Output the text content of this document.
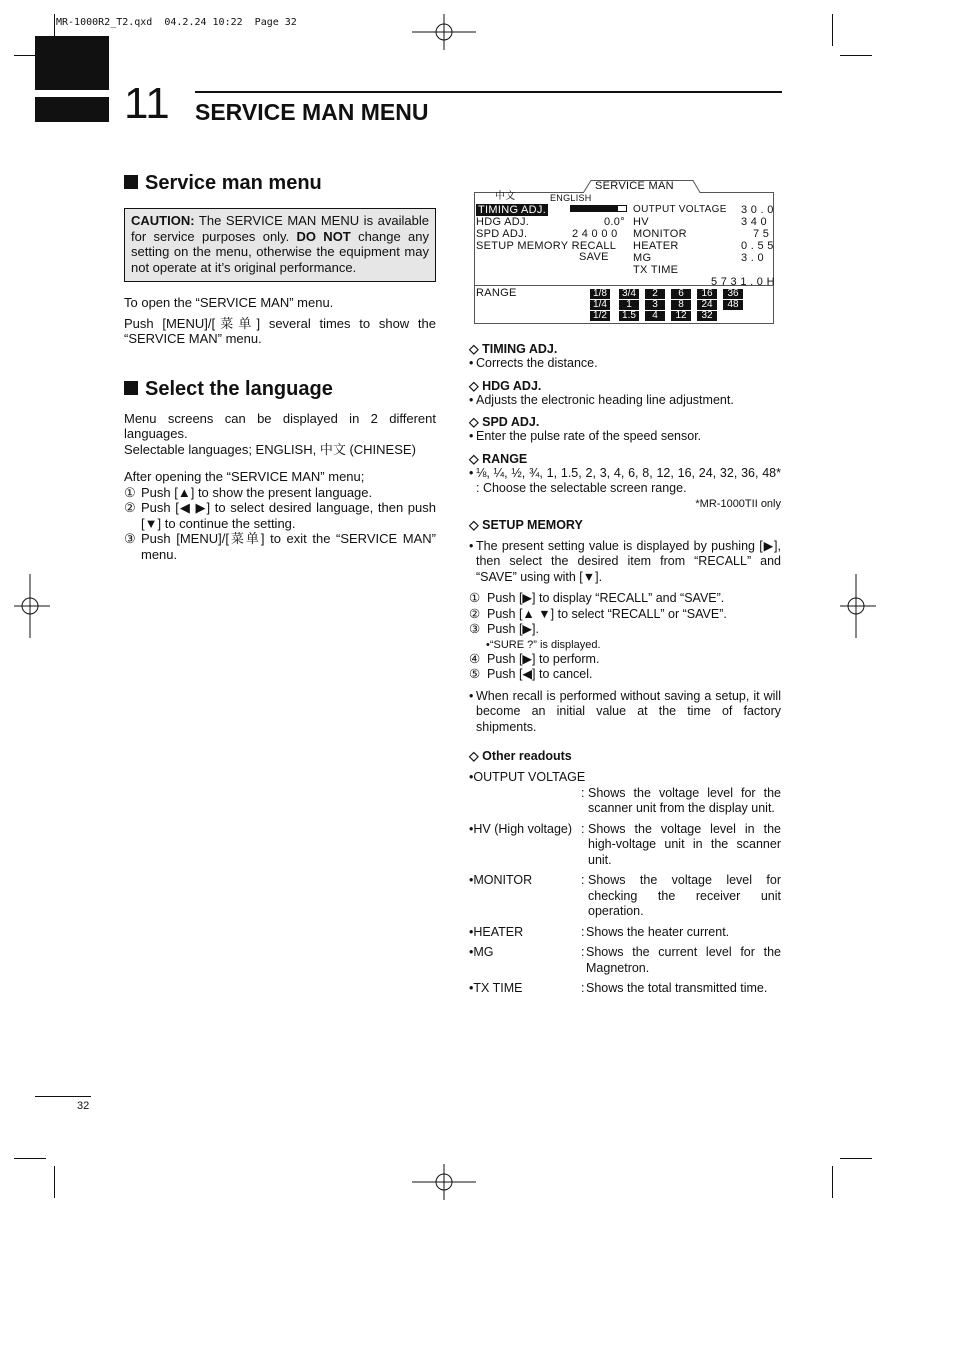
MR-1000R2_T2.qxd  04.2.24 10:22  Page 32
11 SERVICE MAN MENU
Service man menu
CAUTION: The SERVICE MAN MENU is available for service purposes only. DO NOT change any setting on the menu, otherwise the equipment may not operate at it’s original performance.
To open the “SERVICE MAN” menu.
Push [MENU]/[菜单] several times to show the “SERVICE MAN” menu.
Select the language
Menu screens can be displayed in 2 different languages.
Selectable languages; ENGLISH, 中文 (CHINESE)
After opening the “SERVICE MAN” menu;
① Push [▲] to show the present language.
② Push [◀ ▶] to select desired language, then push [▼] to continue the setting.
③ Push [MENU]/[菜单] to exit the “SERVICE MAN” menu.
SERVICE MAN
中文	ENGLISH
TIMING ADJ.
HDG ADJ.	0.0°
SPD ADJ.	2 4 0 0 0
SETUP MEMORY RECALL
SAVE
OUTPUT VOLTAGE 3 0 . 0
HV	3 4 0
MONITOR	7 5
HEATER	0 . 5 5
MG	3 . 0
TX TIME
5 7 3 1 . 0 H
RANGE	1/8	3/4	2	6	16	36
1/4	1	3	8	24	48
1/2	1.5	4	12	32
◇ TIMING ADJ.
• Corrects the distance.
◇ HDG ADJ.
• Adjusts the electronic heading line adjustment.
◇ SPD ADJ.
• Enter the pulse rate of the speed sensor.
◇ RANGE
• ⅛, ¼, ½, ¾, 1, 1.5, 2, 3, 4, 6, 8, 12, 16, 24, 32, 36, 48* : Choose the selectable screen range.
*MR-1000TII only
◇ SETUP MEMORY
• The present setting value is displayed by pushing [▶], then select the desired item from “RECALL” and “SAVE” using with [▼].
① Push [▶] to display “RECALL” and “SAVE”.
② Push [▲ ▼] to select “RECALL” or “SAVE”.
③ Push [▶].
•“SURE ?” is displayed.
④ Push [▶] to perform.
⑤ Push [◀] to cancel.
• When recall is performed without saving a setup, it will become an initial value at the time of factory shipments.
◇ Other readouts
•OUTPUT VOLTAGE
: Shows the voltage level for the scanner unit from the display unit.
•HV (High voltage) : Shows the voltage level in the high-voltage unit in the scanner unit.
•MONITOR	: Shows the voltage level for checking the receiver unit operation.
•HEATER	: Shows the heater current.
•MG	: Shows the current level for the Magnetron.
•TX TIME	: Shows the total transmitted time.
32
